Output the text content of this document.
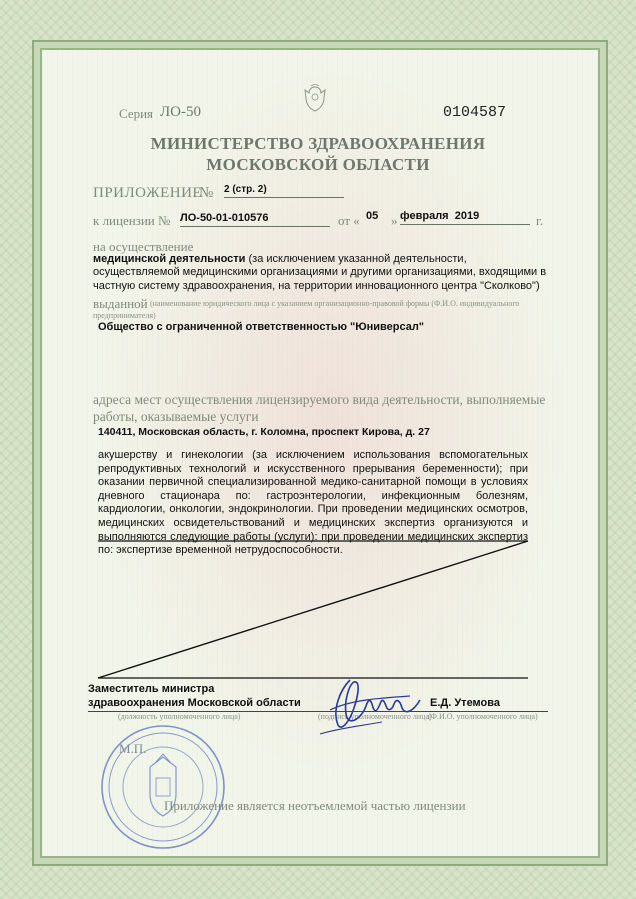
Серия ЛО-50	0104587
МИНИСТЕРСТВО ЗДРАВООХРАНЕНИЯ
МОСКОВСКОЙ ОБЛАСТИ
ПРИЛОЖЕНИЕ
№ 2 (стр. 2)
к лицензии № ЛО-50-01-010576	от « 05 » февраля 2019	г.
на осуществление
медицинской деятельности (за исключением указанной деятельности,
осуществляемой медицинскими организациями и другими организациями, входящими в
частную систему здравоохранения, на территории инновационного центра "Сколково")
выданной (наименование юридического лица с указанием организационно-правовой формы (Ф.И.О. индивидуального
предпринимателя)
Общество с ограниченной ответственностью "Юниверсал"
адреса мест осуществления лицензируемого вида деятельности, выполняемые
работы, оказываемые услуги
140411, Московская область, г. Коломна, проспект Кирова, д. 27
акушерству и гинекологии (за исключением использования вспомогательных репродуктивных технологий и искусственного прерывания беременности); при оказании первичной специализированной медико-санитарной помощи в условиях дневного стационара по: гастроэнтерологии, инфекционным болезням, кардиологии, онкологии, эндокринологии. При проведении медицинских осмотров, медицинских освидетельствований и медицинских экспертиз организуются и выполняются следующие работы (услуги): при проведении медицинских экспертиз по: экспертизе временной нетрудоспособности.
Заместитель министра
здравоохранения Московской области	Е.Д. Утемова
(должность уполномоченного лица)	(подпись уполномоченного лица)
(Ф.И.О. уполномоченного лица)
М.П.
Приложение является неотъемлемой частью лицензии
